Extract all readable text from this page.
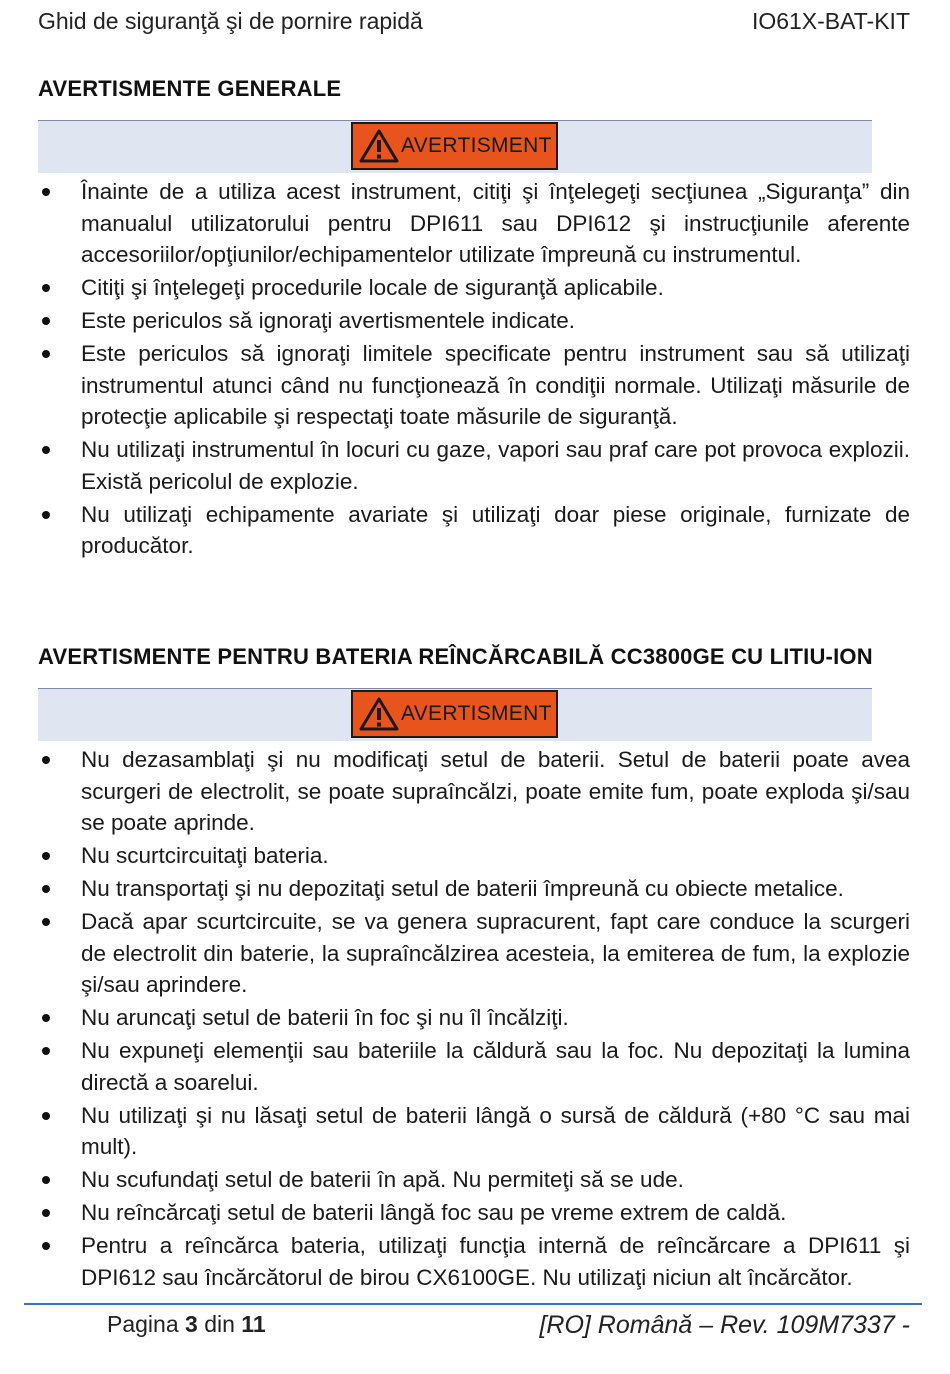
Ghid de siguranţă şi de pornire rapidă	IO61X-BAT-KIT
AVERTISMENTE GENERALE
AVERTISMENT
Înainte de a utiliza acest instrument, citiţi şi înţelegeţi secţiunea „Siguranţa” din manualul utilizatorului pentru DPI611 sau DPI612 şi instrucţiunile aferente accesoriilor/opţiunilor/echipamentelor utilizate împreună cu instrumentul.
Citiţi şi înţelegeţi procedurile locale de siguranţă aplicabile.
Este periculos să ignoraţi avertismentele indicate.
Este periculos să ignoraţi limitele specificate pentru instrument sau să utilizaţi instrumentul atunci când nu funcţionează în condiţii normale. Utilizaţi măsurile de protecţie aplicabile şi respectaţi toate măsurile de siguranţă.
Nu utilizaţi instrumentul în locuri cu gaze, vapori sau praf care pot provoca explozii. Există pericolul de explozie.
Nu utilizaţi echipamente avariate şi utilizaţi doar piese originale, furnizate de producător.
AVERTISMENTE PENTRU BATERIA REÎNCĂRCABILĂ CC3800GE CU LITIU-ION
AVERTISMENT
Nu dezasamblaţi şi nu modificaţi setul de baterii. Setul de baterii poate avea scurgeri de electrolit, se poate supraîncălzi, poate emite fum, poate exploda şi/sau se poate aprinde.
Nu scurtcircuitaţi bateria.
Nu transportaţi şi nu depozitaţi setul de baterii împreună cu obiecte metalice.
Dacă apar scurtcircuite, se va genera supracurent, fapt care conduce la scurgeri de electrolit din baterie, la supraîncălzirea acesteia, la emiterea de fum, la explozie şi/sau aprindere.
Nu aruncaţi setul de baterii în foc şi nu îl încălziţi.
Nu expuneţi elemenţii sau bateriile la căldură sau la foc. Nu depozitaţi la lumina directă a soarelui.
Nu utilizaţi şi nu lăsaţi setul de baterii lângă o sursă de căldură (+80 °C sau mai mult).
Nu scufundaţi setul de baterii în apă. Nu permiteţi să se ude.
Nu reîncărcaţi setul de baterii lângă foc sau pe vreme extrem de caldă.
Pentru a reîncărca bateria, utilizaţi funcţia internă de reîncărcare a DPI611 şi DPI612 sau încărcătorul de birou CX6100GE. Nu utilizaţi niciun alt încărcător.
Pagina 3 din 11	[RO] Română – Rev. 109M7337 -
